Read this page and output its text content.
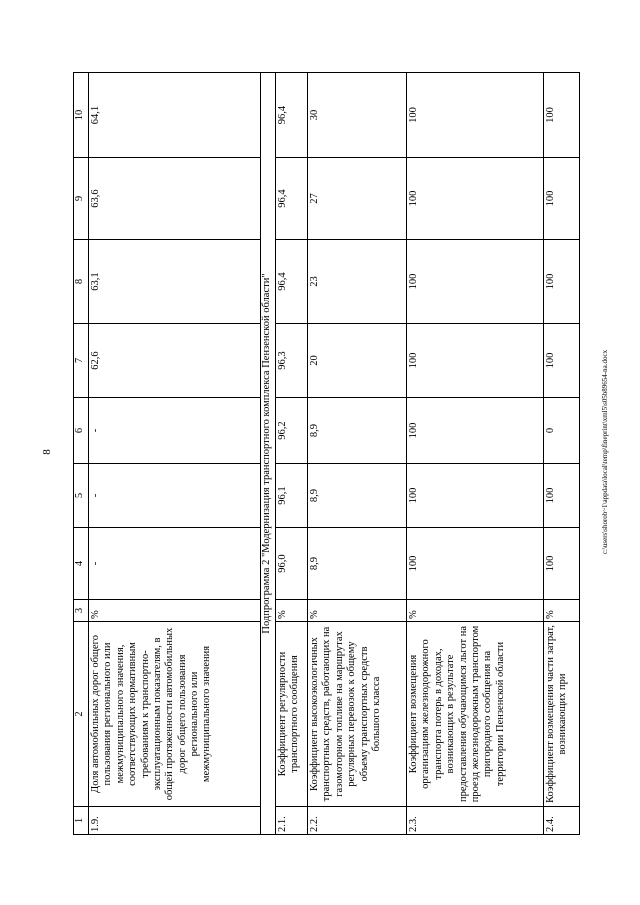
8	c:\users\shorob~1\appdata\local\temp\fineprint\xml5\s05b89654-na.docx
1	2	3	4	5	6	7	8	9	10
1.9.	Доля автомобильных дорог общего пользования регионального или межмуниципального значения, соответствующих нормативным требованиям к транспортно-эксплуатационным показателям, в общей протяженности автомобильных дорог общего пользования регионального или межмуниципального значения	%	-	-	-	62,6	63,1	63,6	64,1
Подпрограмма 2 "Модернизация транспортного комплекса Пензенской области"									
2.1.	Коэффициент регулярности транспортного сообщения	%	96,0	96,1	96,2	96,3	96,4	96,4	96,4
2.2.	Коэффициент высокоэкологичных транспортных средств, работающих на газомоторном топливе на маршрутах регулярных перевозок к общему объему транспортных средств большого класса	%	8,9	8,9	8,9	20	23	27	30
2.3.	Коэффициент возмещения организациям железнодорожного транспорта потерь в доходах, возникающих в результате предоставления обучающимся льгот на проезд железнодорожным транспортом пригородного сообщения на территории Пензенской области	%	100	100	100	100	100	100	100
2.4.	Коэффициент возмещения части затрат, возникающих при	%	100	100	0	100	100	100	100
